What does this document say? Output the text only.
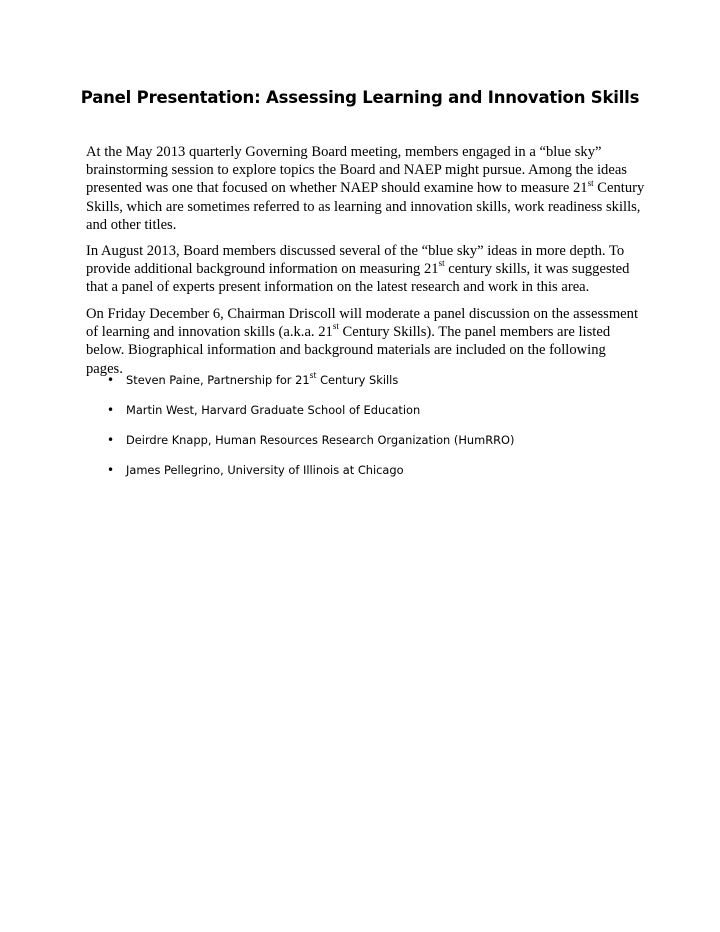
Panel Presentation: Assessing Learning and Innovation Skills

At the May 2013 quarterly Governing Board meeting, members engaged in a “blue sky” brainstorming session to explore topics the Board and NAEP might pursue. Among the ideas presented was one that focused on whether NAEP should examine how to measure 21st Century Skills, which are sometimes referred to as learning and innovation skills, work readiness skills, and other titles.

In August 2013, Board members discussed several of the “blue sky” ideas in more depth. To provide additional background information on measuring 21st century skills, it was suggested that a panel of experts present information on the latest research and work in this area.

On Friday December 6, Chairman Driscoll will moderate a panel discussion on the assessment of learning and innovation skills (a.k.a. 21st Century Skills). The panel members are listed below. Biographical information and background materials are included on the following pages.

• Steven Paine, Partnership for 21st Century Skills
• Martin West, Harvard Graduate School of Education
• Deirdre Knapp, Human Resources Research Organization (HumRRO)
• James Pellegrino, University of Illinois at Chicago
